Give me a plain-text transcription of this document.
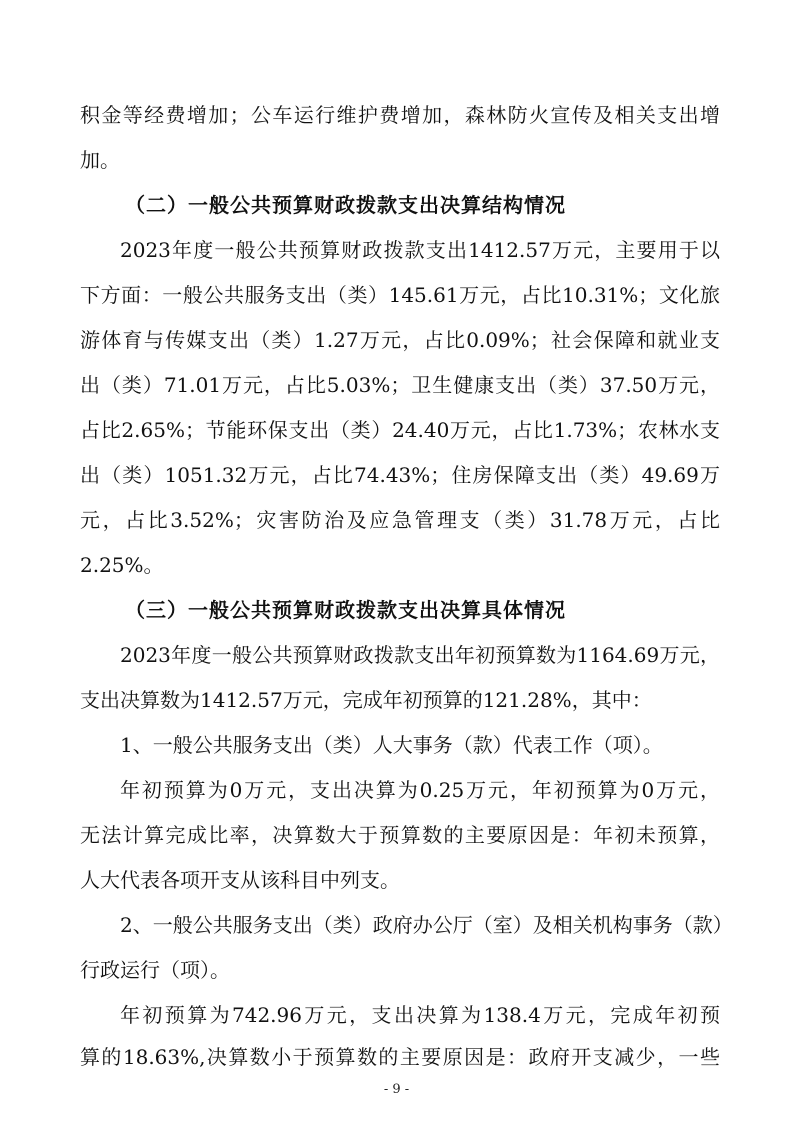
积金等经费增加；公车运行维护费增加，森林防火宣传及相关支出增
加。
（二）一般公共预算财政拨款支出决算结构情况
2023年度一般公共预算财政拨款支出1412.57万元，主要用于以
下方面：一般公共服务支出（类）145.61万元，占比10.31%；文化旅
游体育与传媒支出（类）1.27万元，占比0.09%；社会保障和就业支
出（类）71.01万元，占比5.03%；卫生健康支出（类）37.50万元，
占比2.65%；节能环保支出（类）24.40万元，占比1.73%；农林水支
出（类）1051.32万元，占比74.43%；住房保障支出（类）49.69万
元，占比3.52%；灾害防治及应急管理支（类）31.78万元，占比
2.25%。
（三）一般公共预算财政拨款支出决算具体情况
2023年度一般公共预算财政拨款支出年初预算数为1164.69万元，
支出决算数为1412.57万元，完成年初预算的121.28%，其中：
1、一般公共服务支出（类）人大事务（款）代表工作（项）。
年初预算为0万元，支出决算为0.25万元，年初预算为0万元，
无法计算完成比率，决算数大于预算数的主要原因是：年初未预算，
人大代表各项开支从该科目中列支。
2、一般公共服务支出（类）政府办公厅（室）及相关机构事务（款）
行政运行（项）。
年初预算为742.96万元，支出决算为138.4万元，完成年初预
算的18.63%,决算数小于预算数的主要原因是：政府开支减少，一些
- 9 -
